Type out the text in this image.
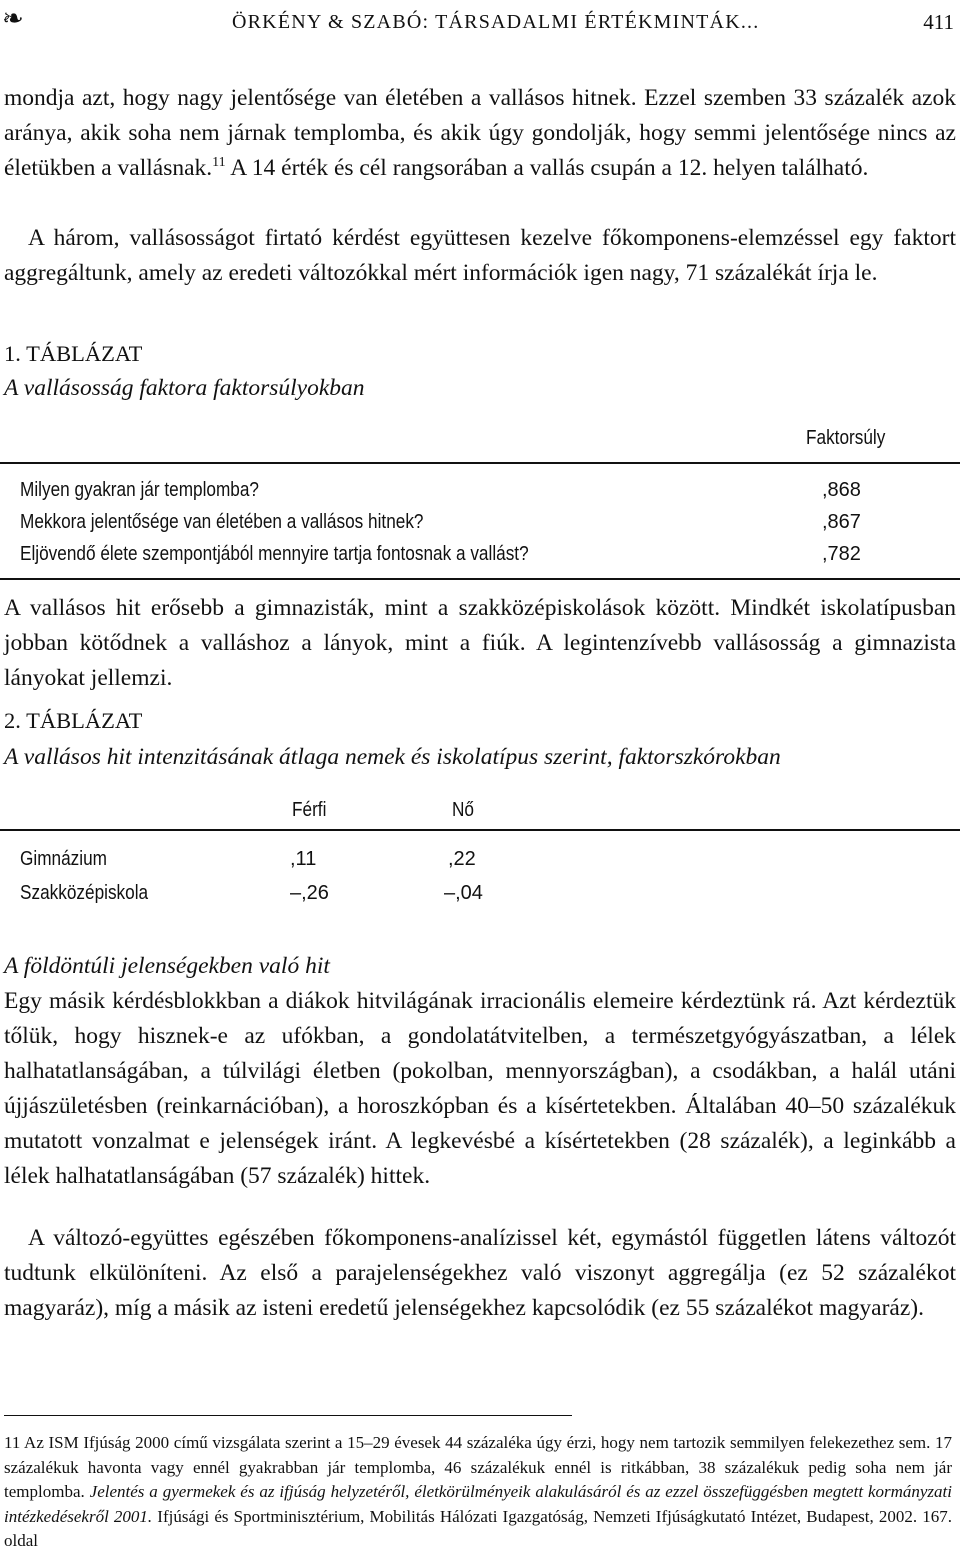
❧	ÖRKÉNY & SZABÓ: TÁRSADALMI ÉRTÉKMINTÁK...	411

mondja azt, hogy nagy jelentősége van életében a vallásos hitnek. Ezzel szemben 33 százalék azok aránya, akik soha nem járnak templomba, és akik úgy gondolják, hogy semmi jelentősége nincs az életükben a vallásnak.$^{11}$ A 14 érték és cél rangsorában a vallás csupán a 12. helyen található.

A három, vallásosságot firtató kérdést együttesen kezelve főkomponens-elemzéssel egy faktort aggregáltunk, amely az eredeti változókkal mért információk igen nagy, 71 százalékát írja le.

1. TÁBLÁZAT
A vallásosság faktora faktorsúlyokban
Faktorsúly
Milyen gyakran jár templomba?	,868
Mekkora jelentősége van életében a vallásos hitnek?	,867
Eljövendő élete szempontjából mennyire tartja fontosnak a vallást?	,782

A vallásos hit erősebb a gimnazisták, mint a szakközépiskolások között. Mindkét iskolatípusban jobban kötődnek a valláshoz a lányok, mint a fiúk. A legintenzívebb vallásosság a gimnazista lányokat jellemzi.

2. TÁBLÁZAT
A vallásos hit intenzitásának átlaga nemek és iskolatípus szerint, faktorszkórokban
Férfi	Nő
Gimnázium	,11	,22
Szakközépiskola	–,26	–,04
A földöntúli jelenségekben való hit

Egy másik kérdésblokkban a diákok hitvilágának irracionális elemeire kérdeztünk rá. Azt kérdeztük tőlük, hogy hisznek-e az ufókban, a gondolatátvitelben, a természetgyógyászatban, a lélek halhatatlanságában, a túlvilági életben (pokolban, mennyországban), a csodákban, a halál utáni újjászületésben (reinkarnációban), a horoszkópban és a kísértetekben. Általában 40–50 százalékuk mutatott vonzalmat e jelenségek iránt. A legkevésbé a kísértetekben (28 százalék), a leginkább a lélek halhatatlanságában (57 százalék) hittek.

A változó-együttes egészében főkomponens-analízissel két, egymástól független látens változót tudtunk elkülöníteni. Az első a parajelenségekhez való viszonyt aggregálja (ez 52 százalékot magyaráz), míg a másik az isteni eredetű jelenségekhez kapcsolódik (ez 55 százalékot magyaráz).

11 Az ISM Ifjúság 2000 című vizsgálata szerint a 15–29 évesek 44 százaléka úgy érzi, hogy nem tartozik semmilyen felekezethez sem. 17 százalékuk havonta vagy ennél gyakrabban jár templomba, 46 százalékuk ennél is ritkábban, 38 százalékuk pedig soha nem jár templomba. Jelentés a gyermekek és az ifjúság helyzetéről, életkörülményeik alakulásáról és az ezzel összefüggésben megtett kormányzati intézkedésekről 2001. Ifjúsági és Sportminisztérium, Mobilitás Hálózati Igazgatóság, Nemzeti Ifjúságkutató Intézet, Budapest, 2002. 167. oldal
